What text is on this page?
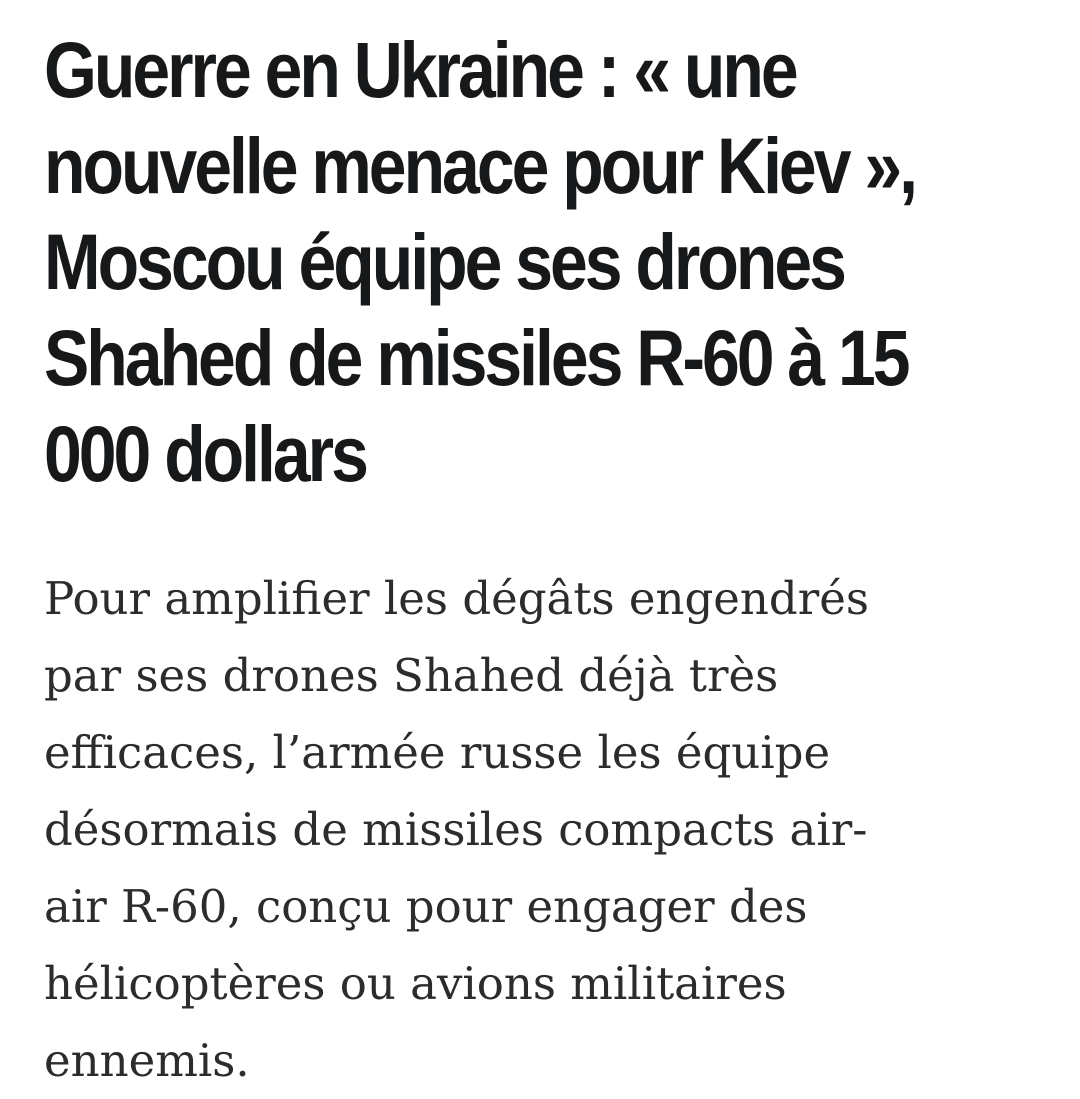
Guerre en Ukraine : « une
nouvelle menace pour Kiev »,
Moscou équipe ses drones
Shahed de missiles R-60 à 15
000 dollars

Pour amplifier les dégâts engendrés
par ses drones Shahed déjà très
efficaces, l’armée russe les équipe
désormais de missiles compacts air-
air R-60, conçu pour engager des
hélicoptères ou avions militaires
ennemis.
